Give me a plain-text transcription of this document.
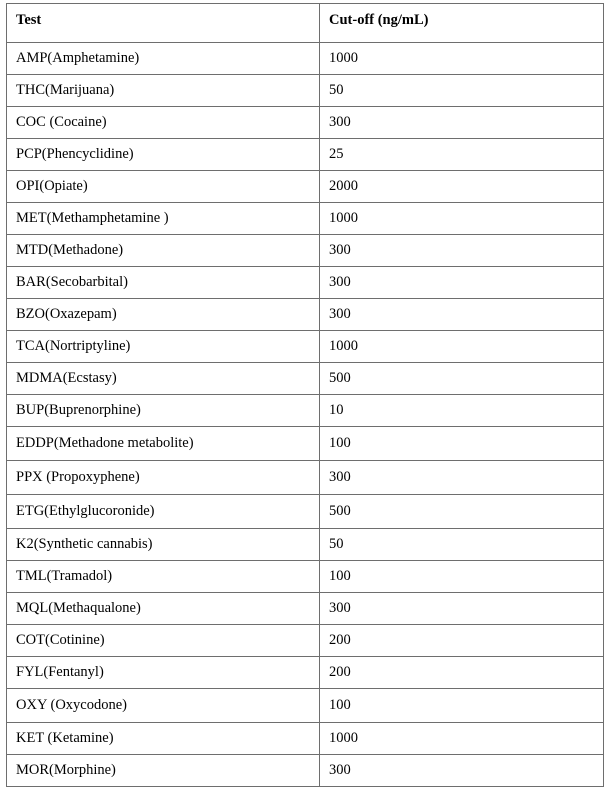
Test	Cut-off (ng/mL)
AMP(Amphetamine)	1000
THC(Marijuana)	50
COC (Cocaine)	300
PCP(Phencyclidine)	25
OPI(Opiate)	2000
MET(Methamphetamine )	1000
MTD(Methadone)	300
BAR(Secobarbital)	300
BZO(Oxazepam)	300
TCA(Nortriptyline)	1000
MDMA(Ecstasy)	500
BUP(Buprenorphine)	10
EDDP(Methadone metabolite)	100
PPX (Propoxyphene)	300
ETG(Ethylglucoronide)	500
K2(Synthetic cannabis)	50
TML(Tramadol)	100
MQL(Methaqualone)	300
COT(Cotinine)	200
FYL(Fentanyl)	200
OXY (Oxycodone)	100
KET (Ketamine)	1000
MOR(Morphine)	300
